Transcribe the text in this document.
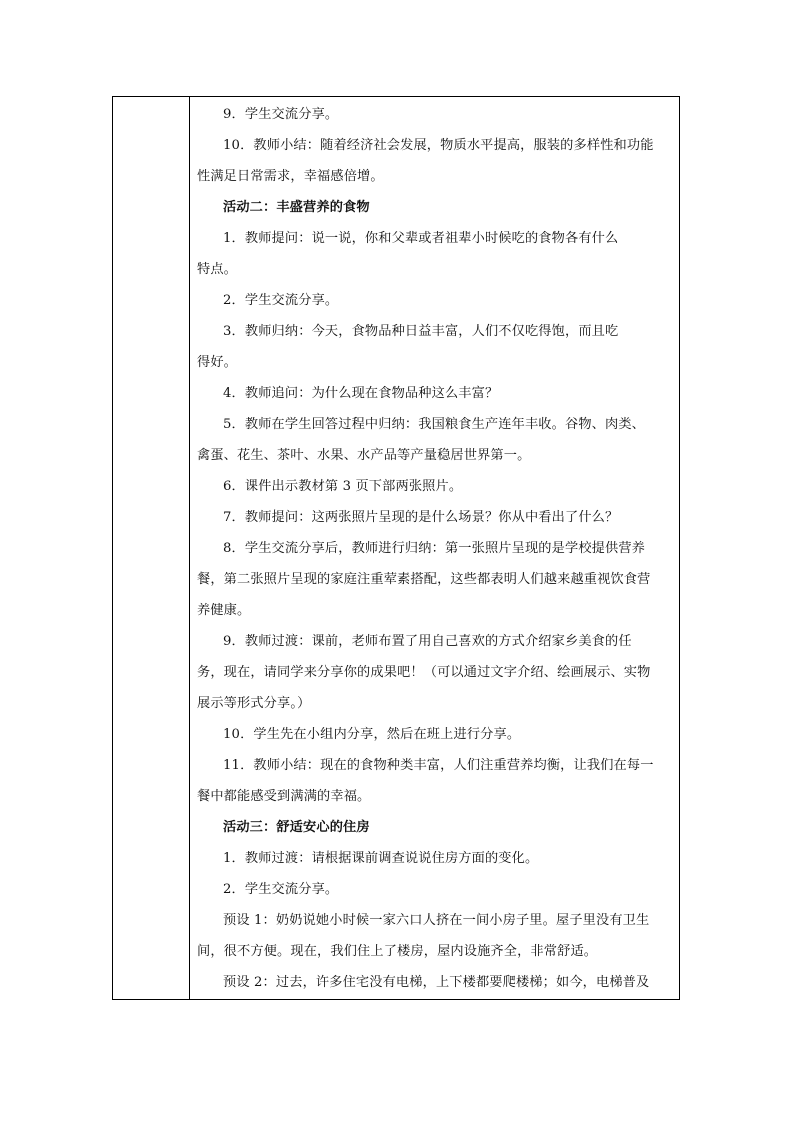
9．学生交流分享。
10．教师小结：随着经济社会发展，物质水平提高，服装的多样性和功能
性满足日常需求，幸福感倍增。
活动二：丰盛营养的食物
1．教师提问：说一说，你和父辈或者祖辈小时候吃的食物各有什么
特点。
2．学生交流分享。
3．教师归纳：今天，食物品种日益丰富，人们不仅吃得饱，而且吃
得好。
4．教师追问：为什么现在食物品种这么丰富？
5．教师在学生回答过程中归纳：我国粮食生产连年丰收。谷物、肉类、
禽蛋、花生、茶叶、水果、水产品等产量稳居世界第一。
6．课件出示教材第 3 页下部两张照片。
7．教师提问：这两张照片呈现的是什么场景？你从中看出了什么？
8．学生交流分享后，教师进行归纳：第一张照片呈现的是学校提供营养
餐，第二张照片呈现的家庭注重荤素搭配，这些都表明人们越来越重视饮食营
养健康。
9．教师过渡：课前，老师布置了用自己喜欢的方式介绍家乡美食的任
务，现在，请同学来分享你的成果吧！（可以通过文字介绍、绘画展示、实物
展示等形式分享。）
10．学生先在小组内分享，然后在班上进行分享。
11．教师小结：现在的食物种类丰富，人们注重营养均衡，让我们在每一
餐中都能感受到满满的幸福。
活动三：舒适安心的住房
1．教师过渡：请根据课前调查说说住房方面的变化。
2．学生交流分享。
预设 1：奶奶说她小时候一家六口人挤在一间小房子里。屋子里没有卫生
间，很不方便。现在，我们住上了楼房，屋内设施齐全，非常舒适。
预设 2：过去，许多住宅没有电梯，上下楼都要爬楼梯；如今，电梯普及
